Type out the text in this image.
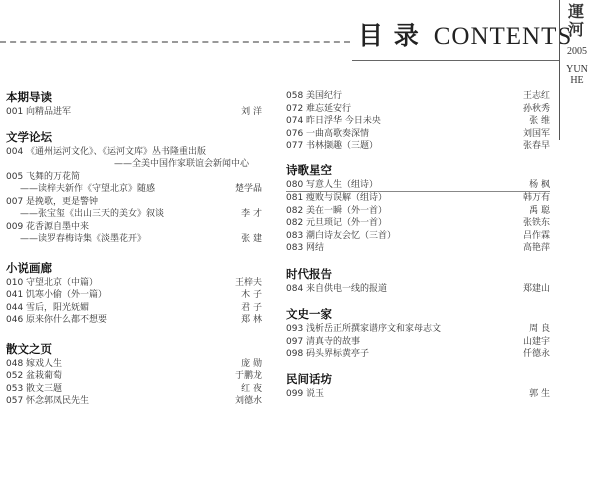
目 录 CONTENTS
運河
2005
YUN HE
本期导读
001 向精品进军	刘 洋
文学论坛
004 《通州运河文化》、《运河文库》丛书隆重出版
——全美中国作家联谊会新闻中心
005 飞舞的万花简
——读梓夫新作《守望北京》随感	楚学晶
007 是挽歌，更是警钟
——张宝玺《出山三天的美女》叙谈	李 才
009 花香源自墨中来
——读罗春梅诗集《淡墨花开》	张 建
小说画廊
010 守望北京（中篇）	王梓夫
041 饥寒小偷（外一篇）	木 子
044 雪后，阳光妩媚	君 子
046 原来你什么都不想要	郑 林
散文之页
048 嫁戏人生	庞 勋
052 盆栽葡萄	于鹏龙
053 散文三题	红 夜
057 怀念郭凤民先生	刘德水
058 美国纪行	王志红
072 难忘延安行	孙秋秀
074 昨日浮华 今日未央	张 维
076 一曲高歌奏深情	刘国军
077 书林撷趣（三题）	张春早
诗歌星空
080 写意人生（组诗）	杨 枫
081 瘦败与误解（组诗）	韩万有
082 美在一瞬（外一首）	禹 聪
082 元旦琐记（外一首）	张铁东
083 潮白诗友会忆（三首）	吕作霖
083 网结	高艳萍
时代报告
084 来自供电一线的报道	郑建山
文史一家
093 浅析岳正所撰家谱序文和家母志文	周 良
097 清真寺的故事	山建宇
098 码头界标黄亭子	仟德永
民间话坊
099 说玉	郭 生
